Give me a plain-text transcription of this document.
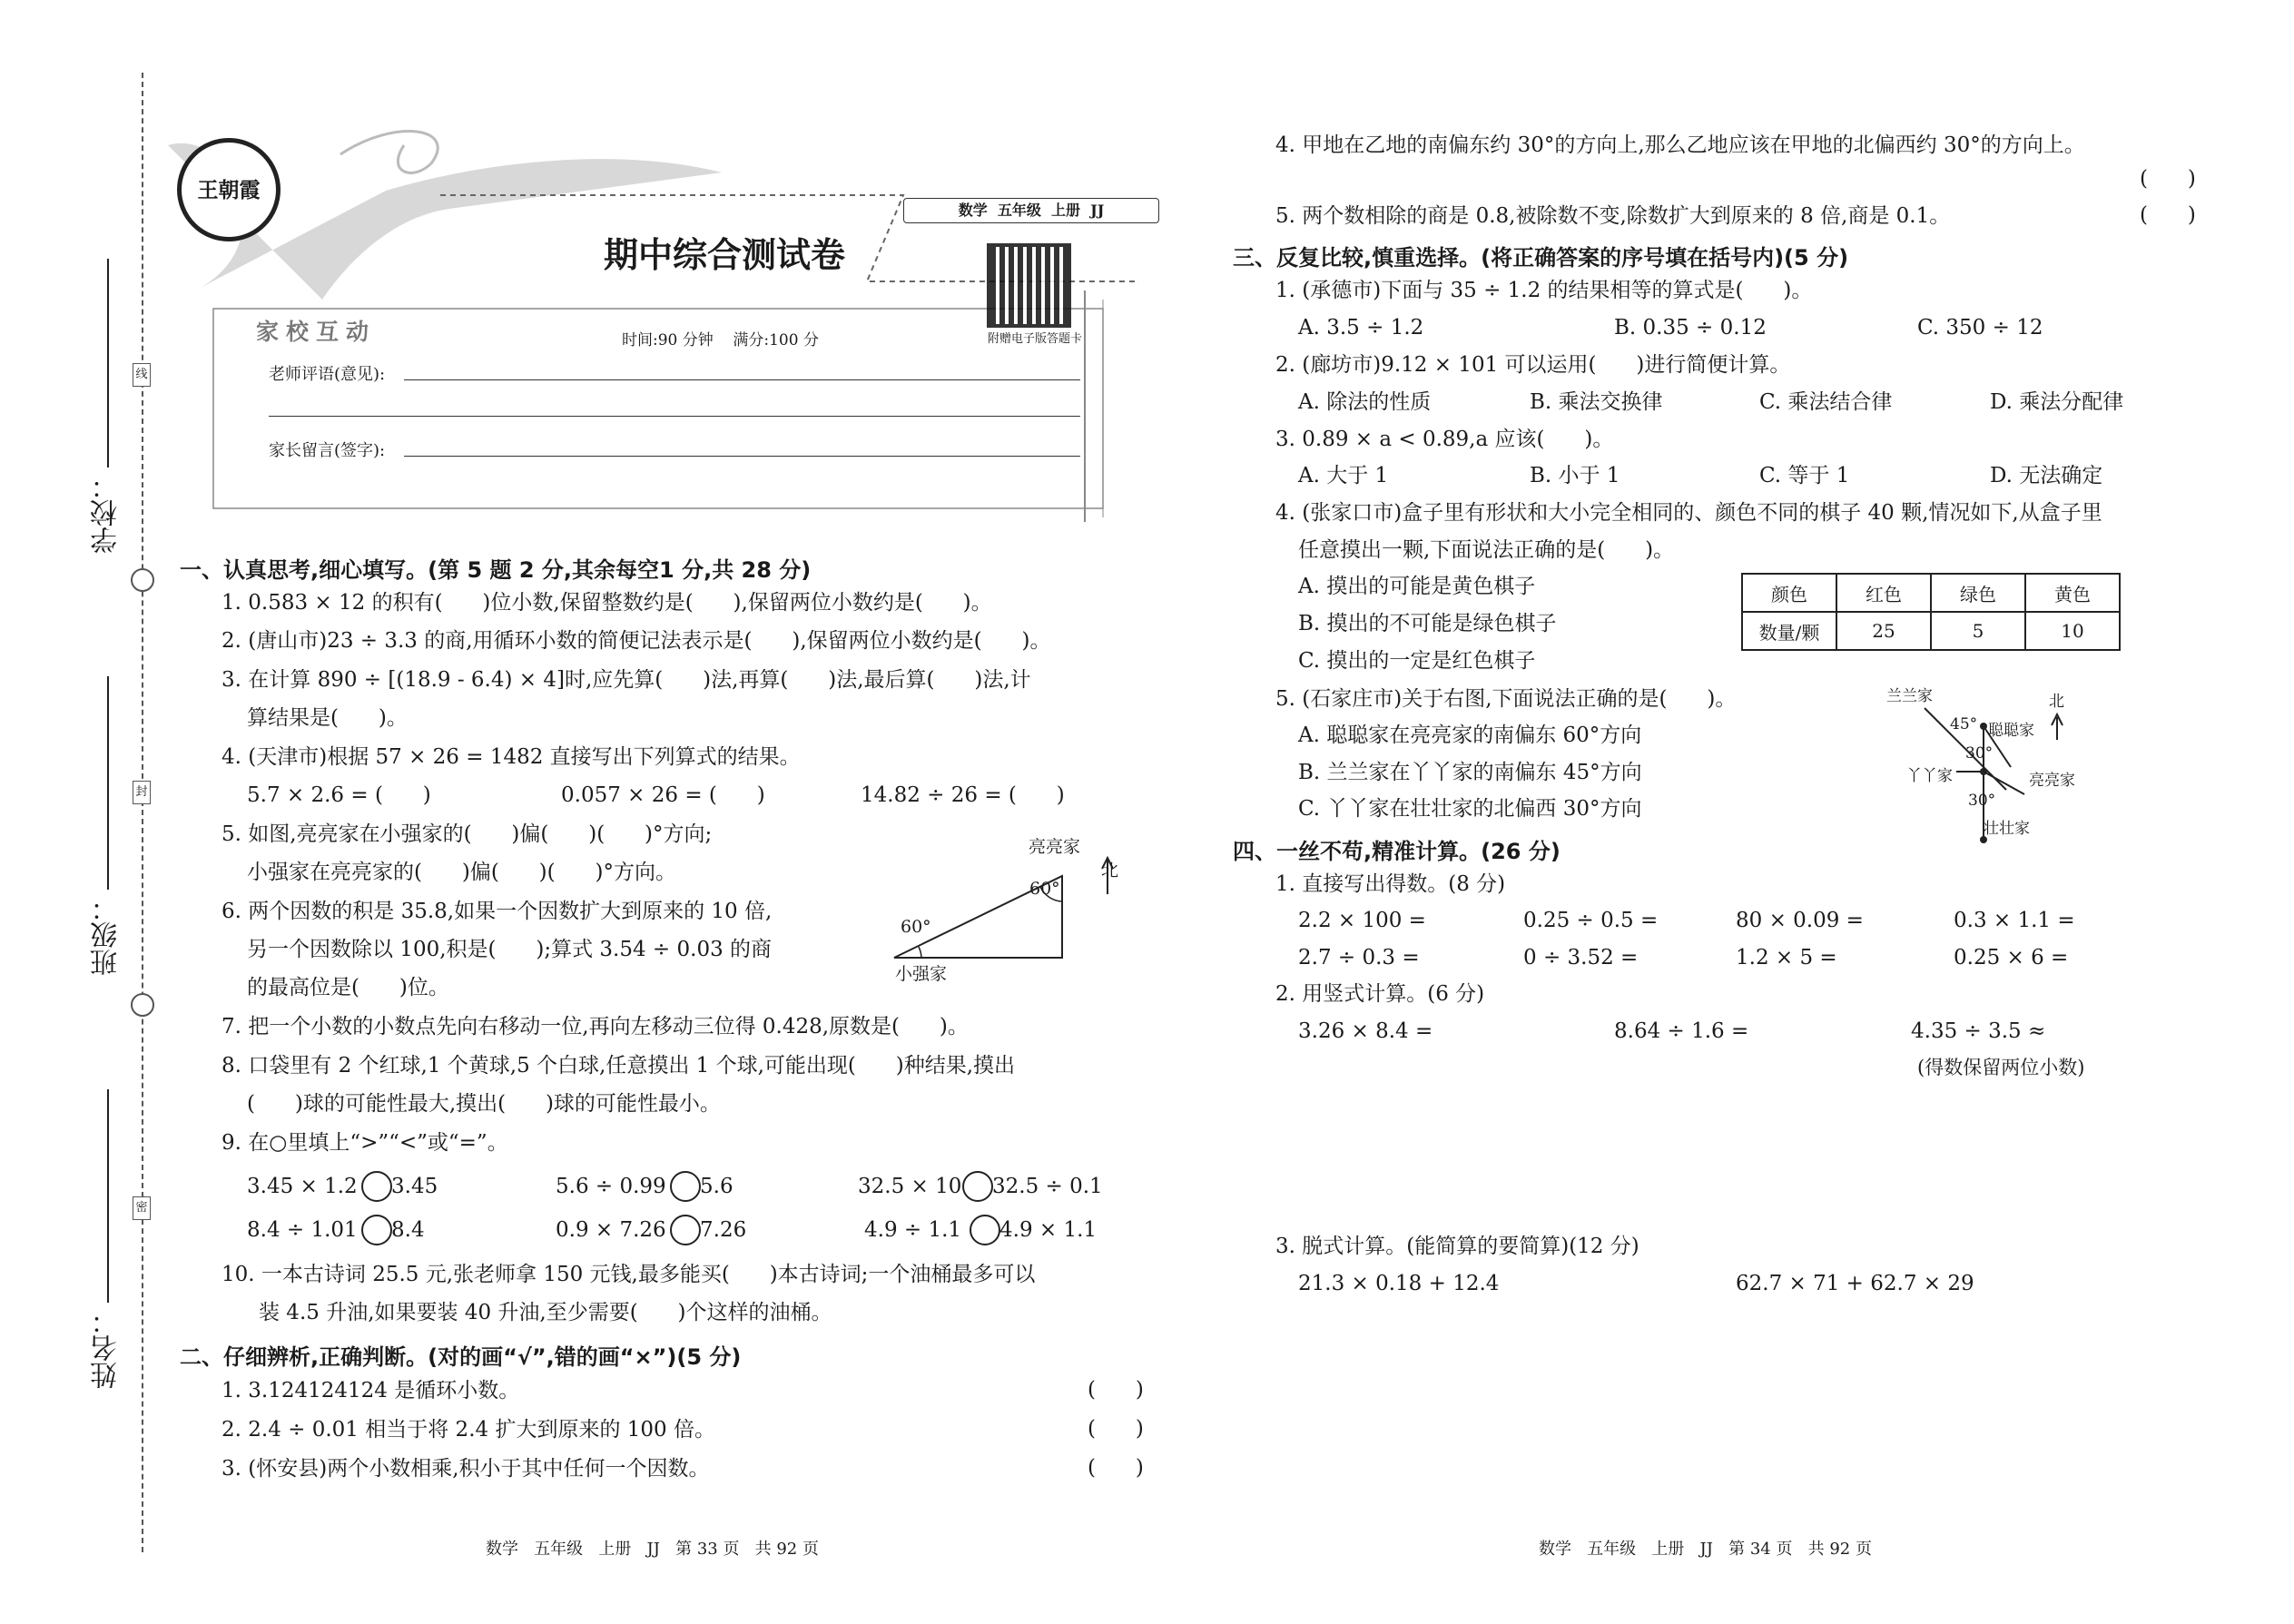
线
封
密
学校：
班级：
姓名：
王朝霞
数学  五年级  上册  JJ
期中综合测试卷
家校互动	时间:90 分钟    满分:100 分	附赠电子版答题卡
老师评语(意见):
家长留言(签字):
一、认真思考,细心填写。(第 5 题 2 分,其余每空1 分,共 28 分)
1. 0.583 × 12 的积有(      )位小数,保留整数约是(      ),保留两位小数约是(      )。
2. (唐山市)23 ÷ 3.3 的商,用循环小数的简便记法表示是(      ),保留两位小数约是(      )。
3. 在计算 890 ÷ [(18.9 - 6.4) × 4]时,应先算(      )法,再算(      )法,最后算(      )法,计
算结果是(      )。
4. (天津市)根据 57 × 26 = 1482 直接写出下列算式的结果。
5.7 × 2.6 = (      )	0.057 × 26 = (      )	14.82 ÷ 26 = (      )
5. 如图,亮亮家在小强家的(      )偏(      )(      )°方向;
小强家在亮亮家的(      )偏(      )(      )°方向。
6. 两个因数的积是 35.8,如果一个因数扩大到原来的 10 倍,
另一个因数除以 100,积是(      );算式 3.54 ÷ 0.03 的商
的最高位是(      )位。
亮亮家
小强家
北
60°
60°
7. 把一个小数的小数点先向右移动一位,再向左移动三位得 0.428,原数是(      )。
8. 口袋里有 2 个红球,1 个黄球,5 个白球,任意摸出 1 个球,可能出现(      )种结果,摸出
(      )球的可能性最大,摸出(      )球的可能性最小。
9. 在○里填上“>”“<”或“=”。
3.45 × 1.2 3.45	5.6 ÷ 0.99 5.6	32.5 × 10 32.5 ÷ 0.1
8.4 ÷ 1.01 8.4	0.9 × 7.26 7.26	4.9 ÷ 1.1 4.9 × 1.1
10. 一本古诗词 25.5 元,张老师拿 150 元钱,最多能买(      )本古诗词;一个油桶最多可以
装 4.5 升油,如果要装 40 升油,至少需要(      )个这样的油桶。
二、仔细辨析,正确判断。(对的画“√”,错的画“×”)(5 分)
1. 3.124124124 是循环小数。	(      )
2. 2.4 ÷ 0.01 相当于将 2.4 扩大到原来的 100 倍。	(      )
3. (怀安县)两个小数相乘,积小于其中任何一个因数。	(      )
数学   五年级   上册   JJ   第 33 页   共 92 页
4. 甲地在乙地的南偏东约 30°的方向上,那么乙地应该在甲地的北偏西约 30°的方向上。
(      )
5. 两个数相除的商是 0.8,被除数不变,除数扩大到原来的 8 倍,商是 0.1。	(      )
三、反复比较,慎重选择。(将正确答案的序号填在括号内)(5 分)
1. (承德市)下面与 35 ÷ 1.2 的结果相等的算式是(      )。
A. 3.5 ÷ 1.2	B. 0.35 ÷ 0.12	C. 350 ÷ 12
2. (廊坊市)9.12 × 101 可以运用(      )进行简便计算。
A. 除法的性质	B. 乘法交换律	C. 乘法结合律	D. 乘法分配律
3. 0.89 × a < 0.89,a 应该(      )。
A. 大于 1	B. 小于 1	C. 等于 1	D. 无法确定
4. (张家口市)盒子里有形状和大小完全相同的、颜色不同的棋子 40 颗,情况如下,从盒子里
任意摸出一颗,下面说法正确的是(      )。
A. 摸出的可能是黄色棋子
B. 摸出的不可能是绿色棋子
C. 摸出的一定是红色棋子
颜色	红色	绿色	黄色
数量/颗	25	5	10
5. (石家庄市)关于右图,下面说法正确的是(      )。
A. 聪聪家在亮亮家的南偏东 60°方向
B. 兰兰家在丫丫家的南偏东 45°方向
C. 丫丫家在壮壮家的北偏西 30°方向
兰兰家	北
聪聪家
45°
30°
丫丫家	亮亮家
30°
壮壮家
四、一丝不苟,精准计算。(26 分)
1. 直接写出得数。(8 分)
2.2 × 100 =	0.25 ÷ 0.5 =	80 × 0.09 =	0.3 × 1.1 =
2.7 ÷ 0.3 =	0 ÷ 3.52 =	1.2 × 5 =	0.25 × 6 =
2. 用竖式计算。(6 分)
3.26 × 8.4 =	8.64 ÷ 1.6 =	4.35 ÷ 3.5 ≈
(得数保留两位小数)
3. 脱式计算。(能简算的要简算)(12 分)
21.3 × 0.18 + 12.4	62.7 × 71 + 62.7 × 29
数学   五年级   上册   JJ   第 34 页   共 92 页
